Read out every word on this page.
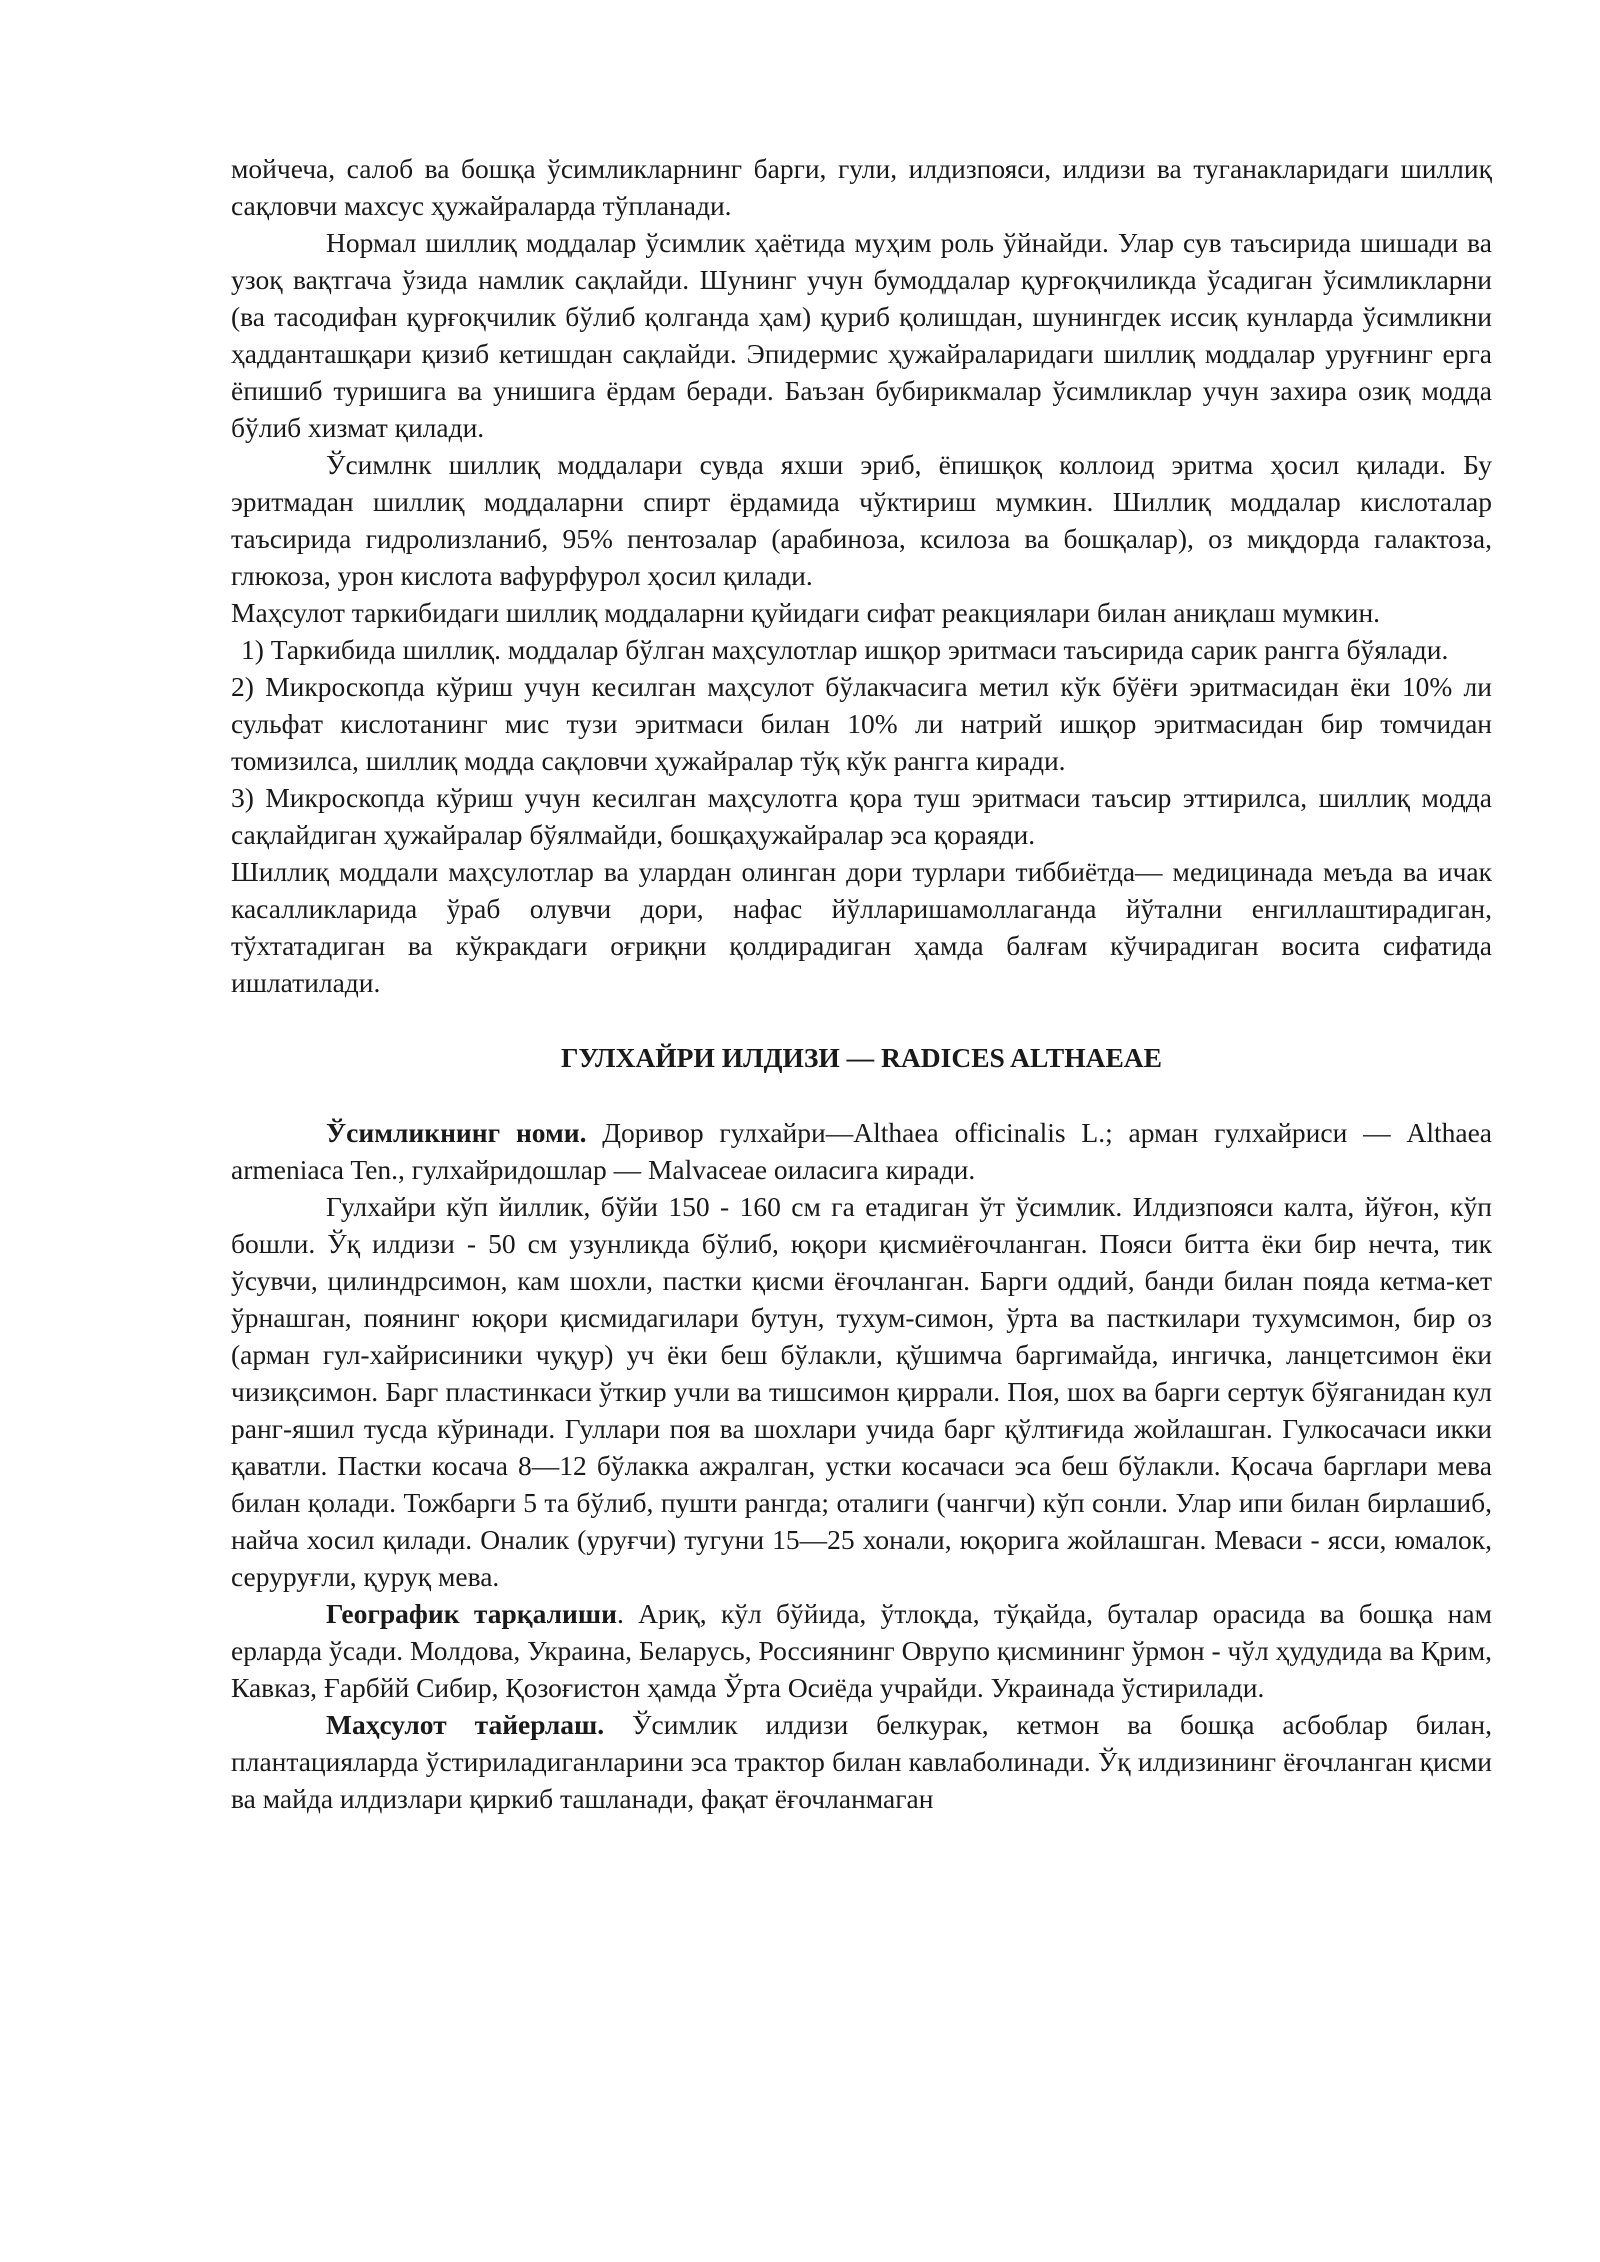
мойчеча, салоб ва бошқа ўсимликларнинг барги, гули, илдизпояси, илдизи ва туганакларидаги шиллиқ сақловчи махсус ҳужайраларда тўпланади.

Нормал шиллиқ моддалар ўсимлик ҳаётида муҳим роль ўйнайди. Улар сув таъсирида шишади ва узоқ вақтгача ўзида намлик сақлайди. Шунинг учун бумоддалар қурғоқчиликда ўсадиган ўсимликларни (ва тасодифан қурғоқчилик бўлиб қолганда ҳам) қуриб қолишдан, шунингдек иссиқ кунларда ўсимликни ҳадданташқари қизиб кетишдан сақлайди. Эпидермис ҳужайраларидаги шиллиқ моддалар уруғнинг ерга ёпишиб туришига ва унишига ёрдам беради. Баъзан бубирикмалар ўсимликлар учун захира озиқ модда бўлиб хизмат қилади.

Ўсимлнк шиллиқ моддалари сувда яхши эриб, ёпишқоқ коллоид эритма ҳосил қилади. Бу эритмадан шиллиқ моддаларни спирт ёрдамида чўктириш мумкин. Шиллиқ моддалар кислоталар таъсирида гидролизланиб, 95% пентозалар (арабиноза, ксилоза ва бошқалар), оз миқдорда галактоза, глюкоза, урон кислота вафурфурол ҳосил қилади.

Маҳсулот таркибидаги шиллиқ моддаларни қуйидаги сифат реакциялари билан аниқлаш мумкин.

1) Таркибида шиллиқ. моддалар бўлган маҳсулотлар ишқор эритмаси таъсирида сарик рангга бўялади.

2) Микроскопда кўриш учун кесилган маҳсулот бўлакчасига метил кўк бўёғи эритмасидан ёки 10% ли сульфат кислотанинг мис тузи эритмаси билан 10% ли натрий ишқор эритмасидан бир томчидан томизилса, шиллиқ модда сақловчи ҳужайралар тўқ кўк рангга киради.

3) Микроскопда кўриш учун кесилган маҳсулотга қора туш эритмаси таъсир эттирилса, шиллиқ модда сақлайдиган ҳужайралар бўялмайди, бошқаҳужайралар эса қораяди.

Шиллиқ моддали маҳсулотлар ва улардан олинган дори турлари тиббиётда— медицинада меъда ва ичак касалликларида ўраб олувчи дори, нафас йўлларишамоллаганда йўтални енгиллаштирадиган, тўхтатадиган ва кўкракдаги оғриқни қолдирадиган ҳамда балғам кўчирадиган восита сифатида ишлатилади.

ГУЛХАЙРИ ИЛДИЗИ — RADICES ALTHAEAE

Ўсимликнинг номи. Доривор гулхайри—Althaea officinalis L.; арман гулхайриси — Althaea armeniaca Ten., гулхайридошлар — Malvaceae оиласига киради.

Гулхайри кўп йиллик, бўйи 150 - 160 см га етадиган ўт ўсимлик. Илдизпояси калта, йўғон, кўп бошли. Ўқ илдизи - 50 см узунликда бўлиб, юқори қисмиёғочланган. Пояси битта ёки бир нечта, тик ўсувчи, цилиндрсимон, кам шохли, пастки қисми ёғочланган. Барги оддий, банди билан пояда кетма-кет ўрнашган, поянинг юқори қисмидагилари бутун, тухум-симон, ўрта ва пасткилари тухумсимон, бир оз (арман гул-хайрисиники чуқур) уч ёки беш бўлакли, қўшимча баргимайда, ингичка, ланцетсимон ёки чизиқсимон. Барг пластинкаси ўткир учли ва тишсимон қиррали. Поя, шох ва барги сертук бўяганидан кул ранг-яшил тусда кўринади. Гуллари поя ва шохлари учида барг қўлтиғида жойлашган. Гулкосачаси икки қаватли. Пастки косача 8—12 бўлакка ажралган, устки косачаси эса беш бўлакли. Қосача барглари мева билан қолади. Тожбарги 5 та бўлиб, пушти рангда; оталиги (чангчи) кўп сонли. Улар ипи билан бирлашиб, найча хосил қилади. Оналик (уруғчи) тугуни 15—25 хонали, юқорига жойлашган. Меваси - ясси, юмалок, серуруғли, қуруқ мева.

Географик тарқалиши. Ариқ, кўл бўйида, ўтлоқда, тўқайда, буталар орасида ва бошқа нам ерларда ўсади. Молдова, Украина, Беларусь, Россиянинг Оврупо қисмининг ўрмон - чўл ҳудудида ва Қрим, Кавказ, Ғарбйй Сибир, Қозоғистон ҳамда Ўрта Осиёда учрайди. Украинада ўстирилади.

Маҳсулот тайерлаш. Ўсимлик илдизи белкурак, кетмон ва бошқа асбоблар билан, плантацияларда ўстириладиганларини эса трактор билан кавлаболинади. Ўқ илдизининг ёғочланган қисми ва майда илдизлари қиркиб ташланади, фақат ёғочланмаган
